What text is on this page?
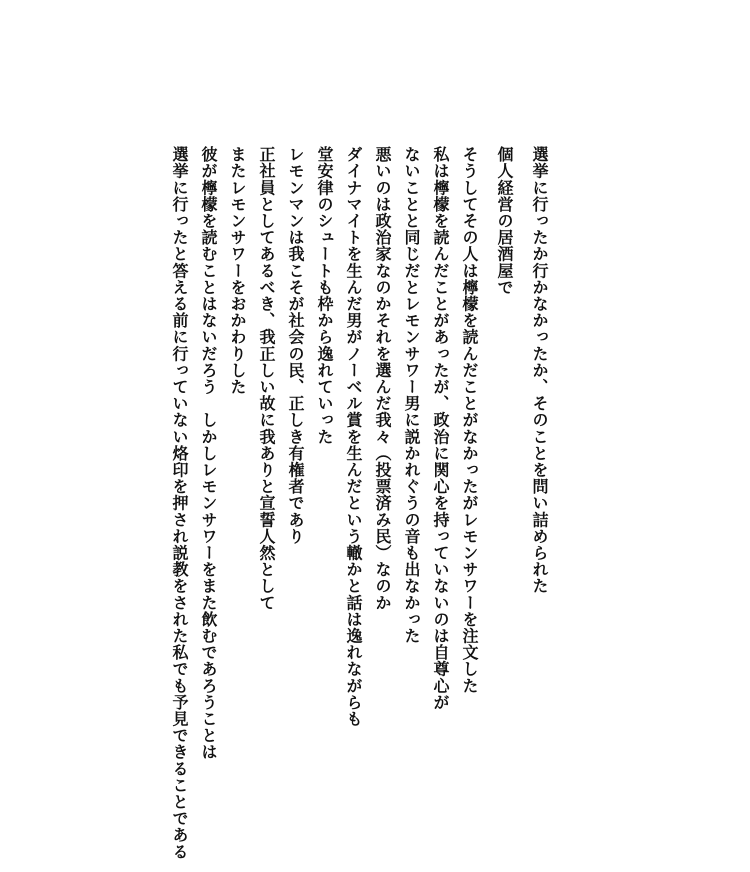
選挙に行ったか行かなかったか、そのことを問い詰められた
個人経営の居酒屋で
そうしてその人は檸檬を読んだことがなかったがレモンサワーを注文した
私は檸檬を読んだことがあったが、政治に関心を持っていないのは自尊心が
ないことと同じだとレモンサワー男に説かれぐうの音も出なかった
悪いのは政治家なのかそれを選んだ我々（投票済み民）なのか
ダイナマイトを生んだ男がノーベル賞を生んだという轍かと話は逸れながらも
堂安律のシュートも枠から逸れていった
レモンマンは我こそが社会の民、正しき有権者であり
正社員としてあるべき、我正しい故に我ありと宣誓人然として
またレモンサワーをおかわりした
彼が檸檬を読むことはないだろう　しかしレモンサワーをまた飲むであろうことは
選挙に行ったと答える前に行っていない烙印を押され説教をされた私でも予見できることである
